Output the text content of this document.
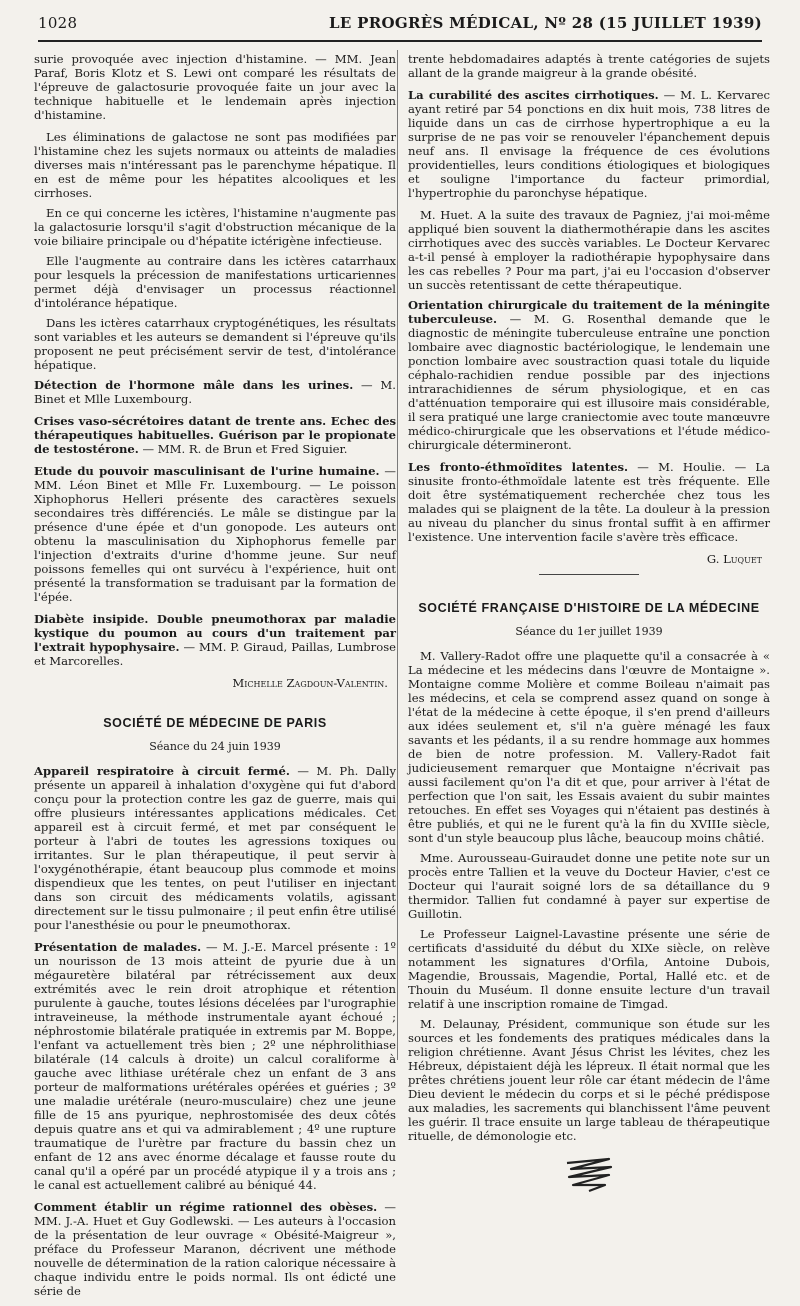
1028	LE PROGRÈS MÉDICAL, Nº 28 (15 JUILLET 1939)

surie provoquée avec injection d'histamine. — MM. Jean Paraf, Boris Klotz et S. Lewi ont comparé les résultats de l'épreuve de galactosurie provoquée faite un jour avec la technique habituelle et le lendemain après injection d'histamine.

Les éliminations de galactose ne sont pas modifiées par l'histamine chez les sujets normaux ou atteints de maladies diverses mais n'intéressant pas le parenchyme hépatique. Il en est de même pour les hépatites alcooliques et les cirrhoses.

En ce qui concerne les ictères, l'histamine n'augmente pas la galactosurie lorsqu'il s'agit d'obstruction mécanique de la voie biliaire principale ou d'hépatite ictérigène infectieuse.

Elle l'augmente au contraire dans les ictères catarrhaux pour lesquels la précession de manifestations urticariennes permet déjà d'envisager un processus réactionnel d'intolérance hépatique.

Dans les ictères catarrhaux cryptogénétiques, les résultats sont variables et les auteurs se demandent si l'épreuve qu'ils proposent ne peut précisément servir de test, d'intolérance hépatique.

Détection de l'hormone mâle dans les urines. — M. Binet et Mlle Luxembourg.

Crises vaso-sécrétoires datant de trente ans. Echec des thérapeutiques habituelles. Guérison par le propionate de testostérone. — MM. R. de Brun et Fred Siguier.

Etude du pouvoir masculinisant de l'urine humaine. — MM. Léon Binet et Mlle Fr. Luxembourg. — Le poisson Xiphophorus Helleri présente des caractères sexuels secondaires très différenciés. Le mâle se distingue par la présence d'une épée et d'un gonopode. Les auteurs ont obtenu la masculinisation du Xiphophorus femelle par l'injection d'extraits d'urine d'homme jeune. Sur neuf poissons femelles qui ont survécu à l'expérience, huit ont présenté la transformation se traduisant par la formation de l'épée.

Diabète insipide. Double pneumothorax par maladie kystique du poumon au cours d'un traitement par l'extrait hypophysaire. — MM. P. Giraud, Paillas, Lumbrose et Marcorelles.

Michelle Zagdoun-Valentin.
SOCIÉTÉ DE MÉDECINE DE PARIS
Séance du 24 juin 1939

Appareil respiratoire à circuit fermé. — M. Ph. Dally présente un appareil à inhalation d'oxygène qui fut d'abord conçu pour la protection contre les gaz de guerre, mais qui offre plusieurs intéressantes applications médicales. Cet appareil est à circuit fermé, et met par conséquent le porteur à l'abri de toutes les agressions toxiques ou irritantes. Sur le plan thérapeutique, il peut servir à l'oxygénothérapie, étant beaucoup plus commode et moins dispendieux que les tentes, on peut l'utiliser en injectant dans son circuit des médicaments volatils, agissant directement sur le tissu pulmonaire ; il peut enfin être utilisé pour l'anesthésie ou pour le pneumothorax.

Présentation de malades. — M. J.-E. Marcel présente : 1º un nourisson de 13 mois atteint de pyurie due à un mégauretère bilatéral par rétrécissement aux deux extrémités avec le rein droit atrophique et rétention purulente à gauche, toutes lésions décelées par l'urographie intraveineuse, la méthode instrumentale ayant échoué ; néphrostomie bilatérale pratiquée in extremis par M. Boppe, l'enfant va actuellement très bien ; 2º une néphrolithiase bilatérale (14 calculs à droite) un calcul coraliforme à gauche avec lithiase urétérale chez un enfant de 3 ans porteur de malformations urétérales opérées et guéries ; 3º une maladie urétérale (neuro-musculaire) chez une jeune fille de 15 ans pyurique, nephrostomisée des deux côtés depuis quatre ans et qui va admirablement ; 4º une rupture traumatique de l'urètre par fracture du bassin chez un enfant de 12 ans avec énorme décalage et fausse route du canal qu'il a opéré par un procédé atypique il y a trois ans ; le canal est actuellement calibré au béniqué 44.

Comment établir un régime rationnel des obèses. — MM. J.-A. Huet et Guy Godlewski. — Les auteurs à l'occasion de la présentation de leur ouvrage « Obésité-Maigreur », préface du Professeur Maranon, décrivent une méthode nouvelle de détermination de la ration calorique nécessaire à chaque individu entre le poids normal. Ils ont édicté une série de

trente hebdomadaires adaptés à trente catégories de sujets allant de la grande maigreur à la grande obésité.

La curabilité des ascites cirrhotiques. — M. L. Kervarec ayant retiré par 54 ponctions en dix huit mois, 738 litres de liquide dans un cas de cirrhose hypertrophique a eu la surprise de ne pas voir se renouveler l'épanchement depuis neuf ans. Il envisage la fréquence de ces évolutions providentielles, leurs conditions étiologiques et biologiques et souligne l'importance du facteur primordial, l'hypertrophie du paronchyse hépatique.

M. Huet. A la suite des travaux de Pagniez, j'ai moi-même appliqué bien souvent la diathermothérapie dans les ascites cirrhotiques avec des succès variables. Le Docteur Kervarec a-t-il pensé à employer la radiothérapie hypophysaire dans les cas rebelles ? Pour ma part, j'ai eu l'occasion d'observer un succès retentissant de cette thérapeutique.

Orientation chirurgicale du traitement de la méningite tuberculeuse. — M. G. Rosenthal demande que le diagnostic de méningite tuberculeuse entraîne une ponction lombaire avec diagnostic bactériologique, le lendemain une ponction lombaire avec soustraction quasi totale du liquide céphalo-rachidien rendue possible par des injections intrarachidiennes de sérum physiologique, et en cas d'atténuation temporaire qui est illusoire mais considérable, il sera pratiqué une large craniectomie avec toute manœuvre médico-chirurgicale que les observations et l'étude médico-chirurgicale détermineront.

Les fronto-éthmoïdites latentes. — M. Houlie. — La sinusite fronto-éthmoïdale latente est très fréquente. Elle doit être systématiquement recherchée chez tous les malades qui se plaignent de la tête. La douleur à la pression au niveau du plancher du sinus frontal suffit à en affirmer l'existence. Une intervention facile s'avère très efficace.

G. Luquet
SOCIÉTÉ FRANÇAISE D'HISTOIRE DE LA MÉDECINE
Séance du 1er juillet 1939

M. Vallery-Radot offre une plaquette qu'il a consacrée à « La médecine et les médecins dans l'œuvre de Montaigne ». Montaigne comme Molière et comme Boileau n'aimait pas les médecins, et cela se comprend assez quand on songe à l'état de la médecine à cette époque, il s'en prend d'ailleurs aux idées seulement et, s'il n'a guère ménagé les faux savants et les pédants, il a su rendre hommage aux hommes de bien de notre profession. M. Vallery-Radot fait judicieusement remarquer que Montaigne n'écrivait pas aussi facilement qu'on l'a dit et que, pour arriver à l'état de perfection que l'on sait, les Essais avaient du subir maintes retouches. En effet ses Voyages qui n'étaient pas destinés à être publiés, et qui ne le furent qu'à la fin du XVIIIe siècle, sont d'un style beaucoup plus lâche, beaucoup moins châtié.

Mme. Aurousseau-Guiraudet donne une petite note sur un procès entre Tallien et la veuve du Docteur Havier, c'est ce Docteur qui l'aurait soigné lors de sa détaillance du 9 thermidor. Tallien fut condamné à payer sur expertise de Guillotin.

Le Professeur Laignel-Lavastine présente une série de certificats d'assiduité du début du XIXe siècle, on relève notamment les signatures d'Orfila, Antoine Dubois, Magendie, Broussais, Magendie, Portal, Hallé etc. et de Thouin du Muséum. Il donne ensuite lecture d'un travail relatif à une inscription romaine de Timgad.

M. Delaunay, Président, communique son étude sur les sources et les fondements des pratiques médicales dans la religion chrétienne. Avant Jésus Christ les lévites, chez les Hébreux, dépistaient déjà les lépreux. Il était normal que les prêtes chrétiens jouent leur rôle car étant médecin de l'âme Dieu devient le médecin du corps et si le péché prédispose aux maladies, les sacrements qui blanchissent l'âme peuvent les guérir. Il trace ensuite un large tableau de thérapeutique rituelle, de démonologie etc.
